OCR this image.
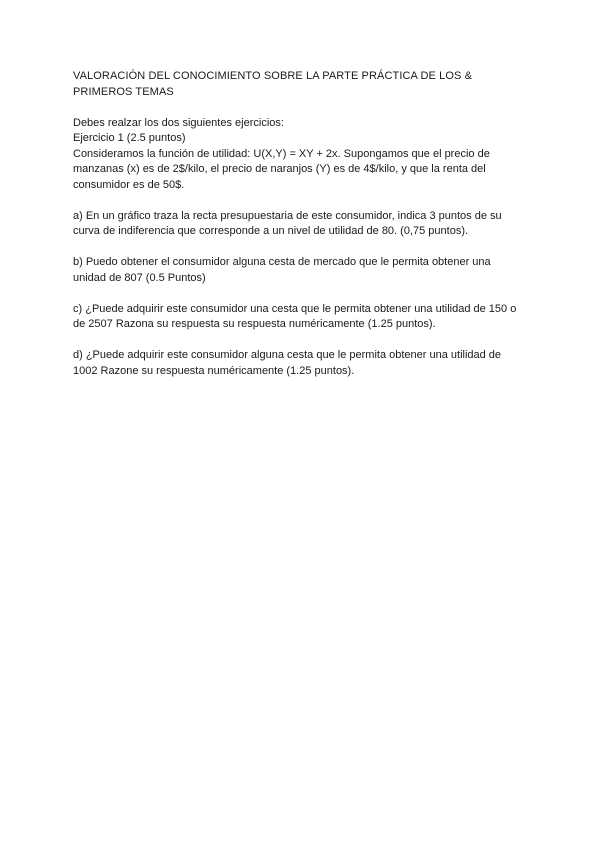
VALORACIÓN DEL CONOCIMIENTO SOBRE LA PARTE PRÁCTICA DE LOS &
PRIMEROS TEMAS
Debes realzar los dos siguientes ejercicios:
Ejercicio 1 (2.5 puntos)
Consideramos la función de utilidad: U(X,Y) = XY + 2x. Supongamos que el precio de
manzanas (x) es de 2$/kilo, el precio de naranjos (Y) es de 4$/kilo, y que la renta del
consumidor es de 50$.
a) En un gráfico traza la recta presupuestaria de este consumidor, indica 3 puntos de su
curva de indiferencia que corresponde a un nivel de utilidad de 80. (0,75 puntos).
b) Puedo obtener el consumidor alguna cesta de mercado que le permita obtener una
unidad de 807 (0.5 Puntos)
c) ¿Puede adquirir este consumidor una cesta que le permita obtener una utilidad de 150 o
de 2507 Razona su respuesta su respuesta numéricamente (1.25 puntos).
d) ¿Puede adquirir este consumidor alguna cesta que le permita obtener una utilidad de
1002 Razone su respuesta numéricamente (1.25 puntos).
